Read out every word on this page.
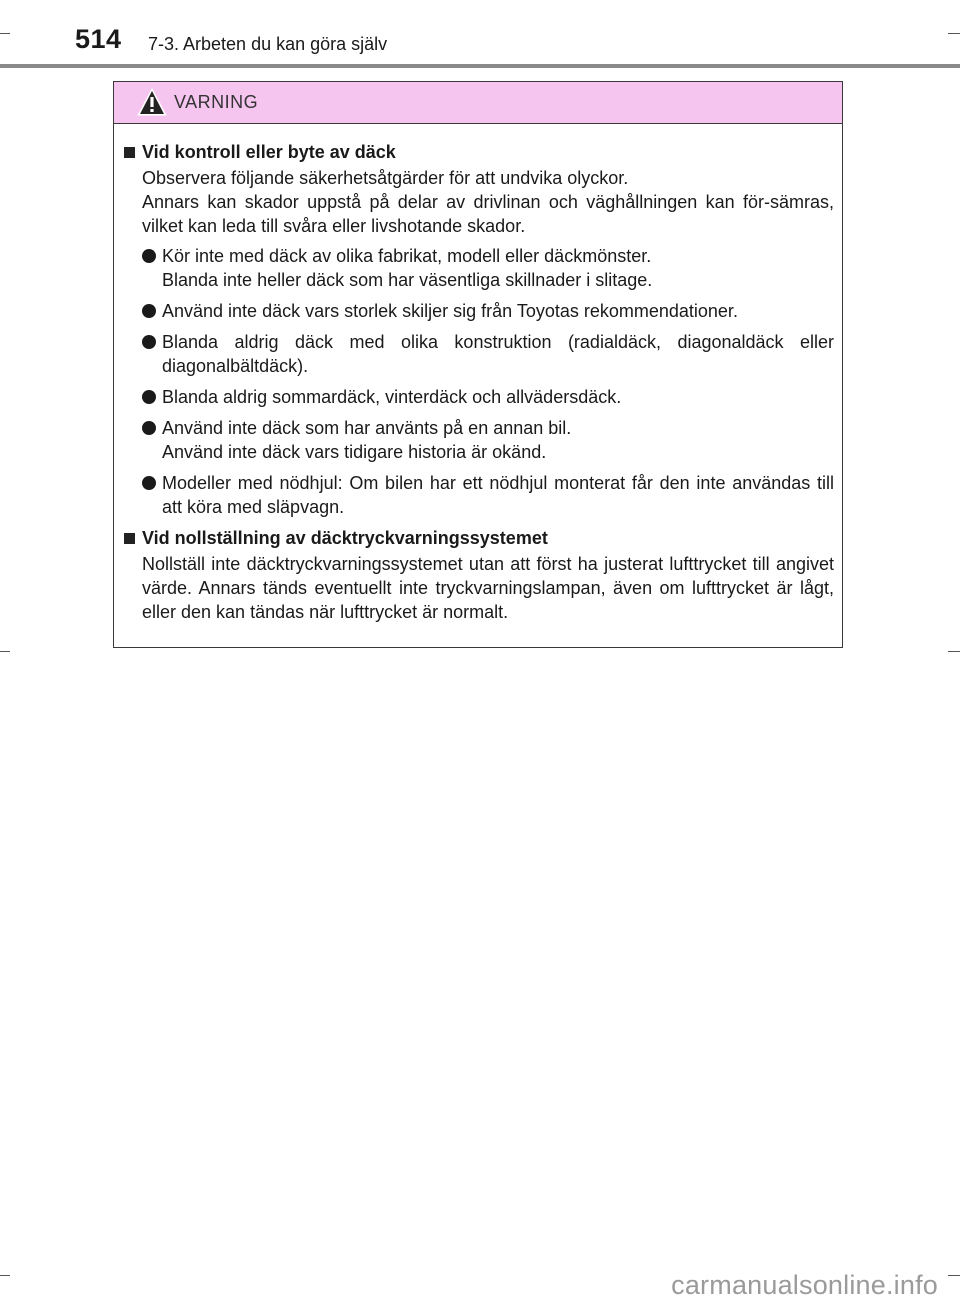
514 7-3. Arbeten du kan göra själv
VARNING
Vid kontroll eller byte av däck
Observera följande säkerhetsåtgärder för att undvika olyckor.
Annars kan skador uppstå på delar av drivlinan och väghållningen kan för-sämras, vilket kan leda till svåra eller livshotande skador.
Kör inte med däck av olika fabrikat, modell eller däckmönster.
Blanda inte heller däck som har väsentliga skillnader i slitage.
Använd inte däck vars storlek skiljer sig från Toyotas rekommendationer.
Blanda aldrig däck med olika konstruktion (radialdäck, diagonaldäck eller diagonalbältdäck).
Blanda aldrig sommardäck, vinterdäck och allvädersdäck.
Använd inte däck som har använts på en annan bil.
Använd inte däck vars tidigare historia är okänd.
Modeller med nödhjul: Om bilen har ett nödhjul monterat får den inte användas till att köra med släpvagn.
Vid nollställning av däcktryckvarningssystemet
Nollställ inte däcktryckvarningssystemet utan att först ha justerat lufttrycket till angivet värde. Annars tänds eventuellt inte tryckvarningslampan, även om lufttrycket är lågt, eller den kan tändas när lufttrycket är normalt.
carmanualsonline.info
